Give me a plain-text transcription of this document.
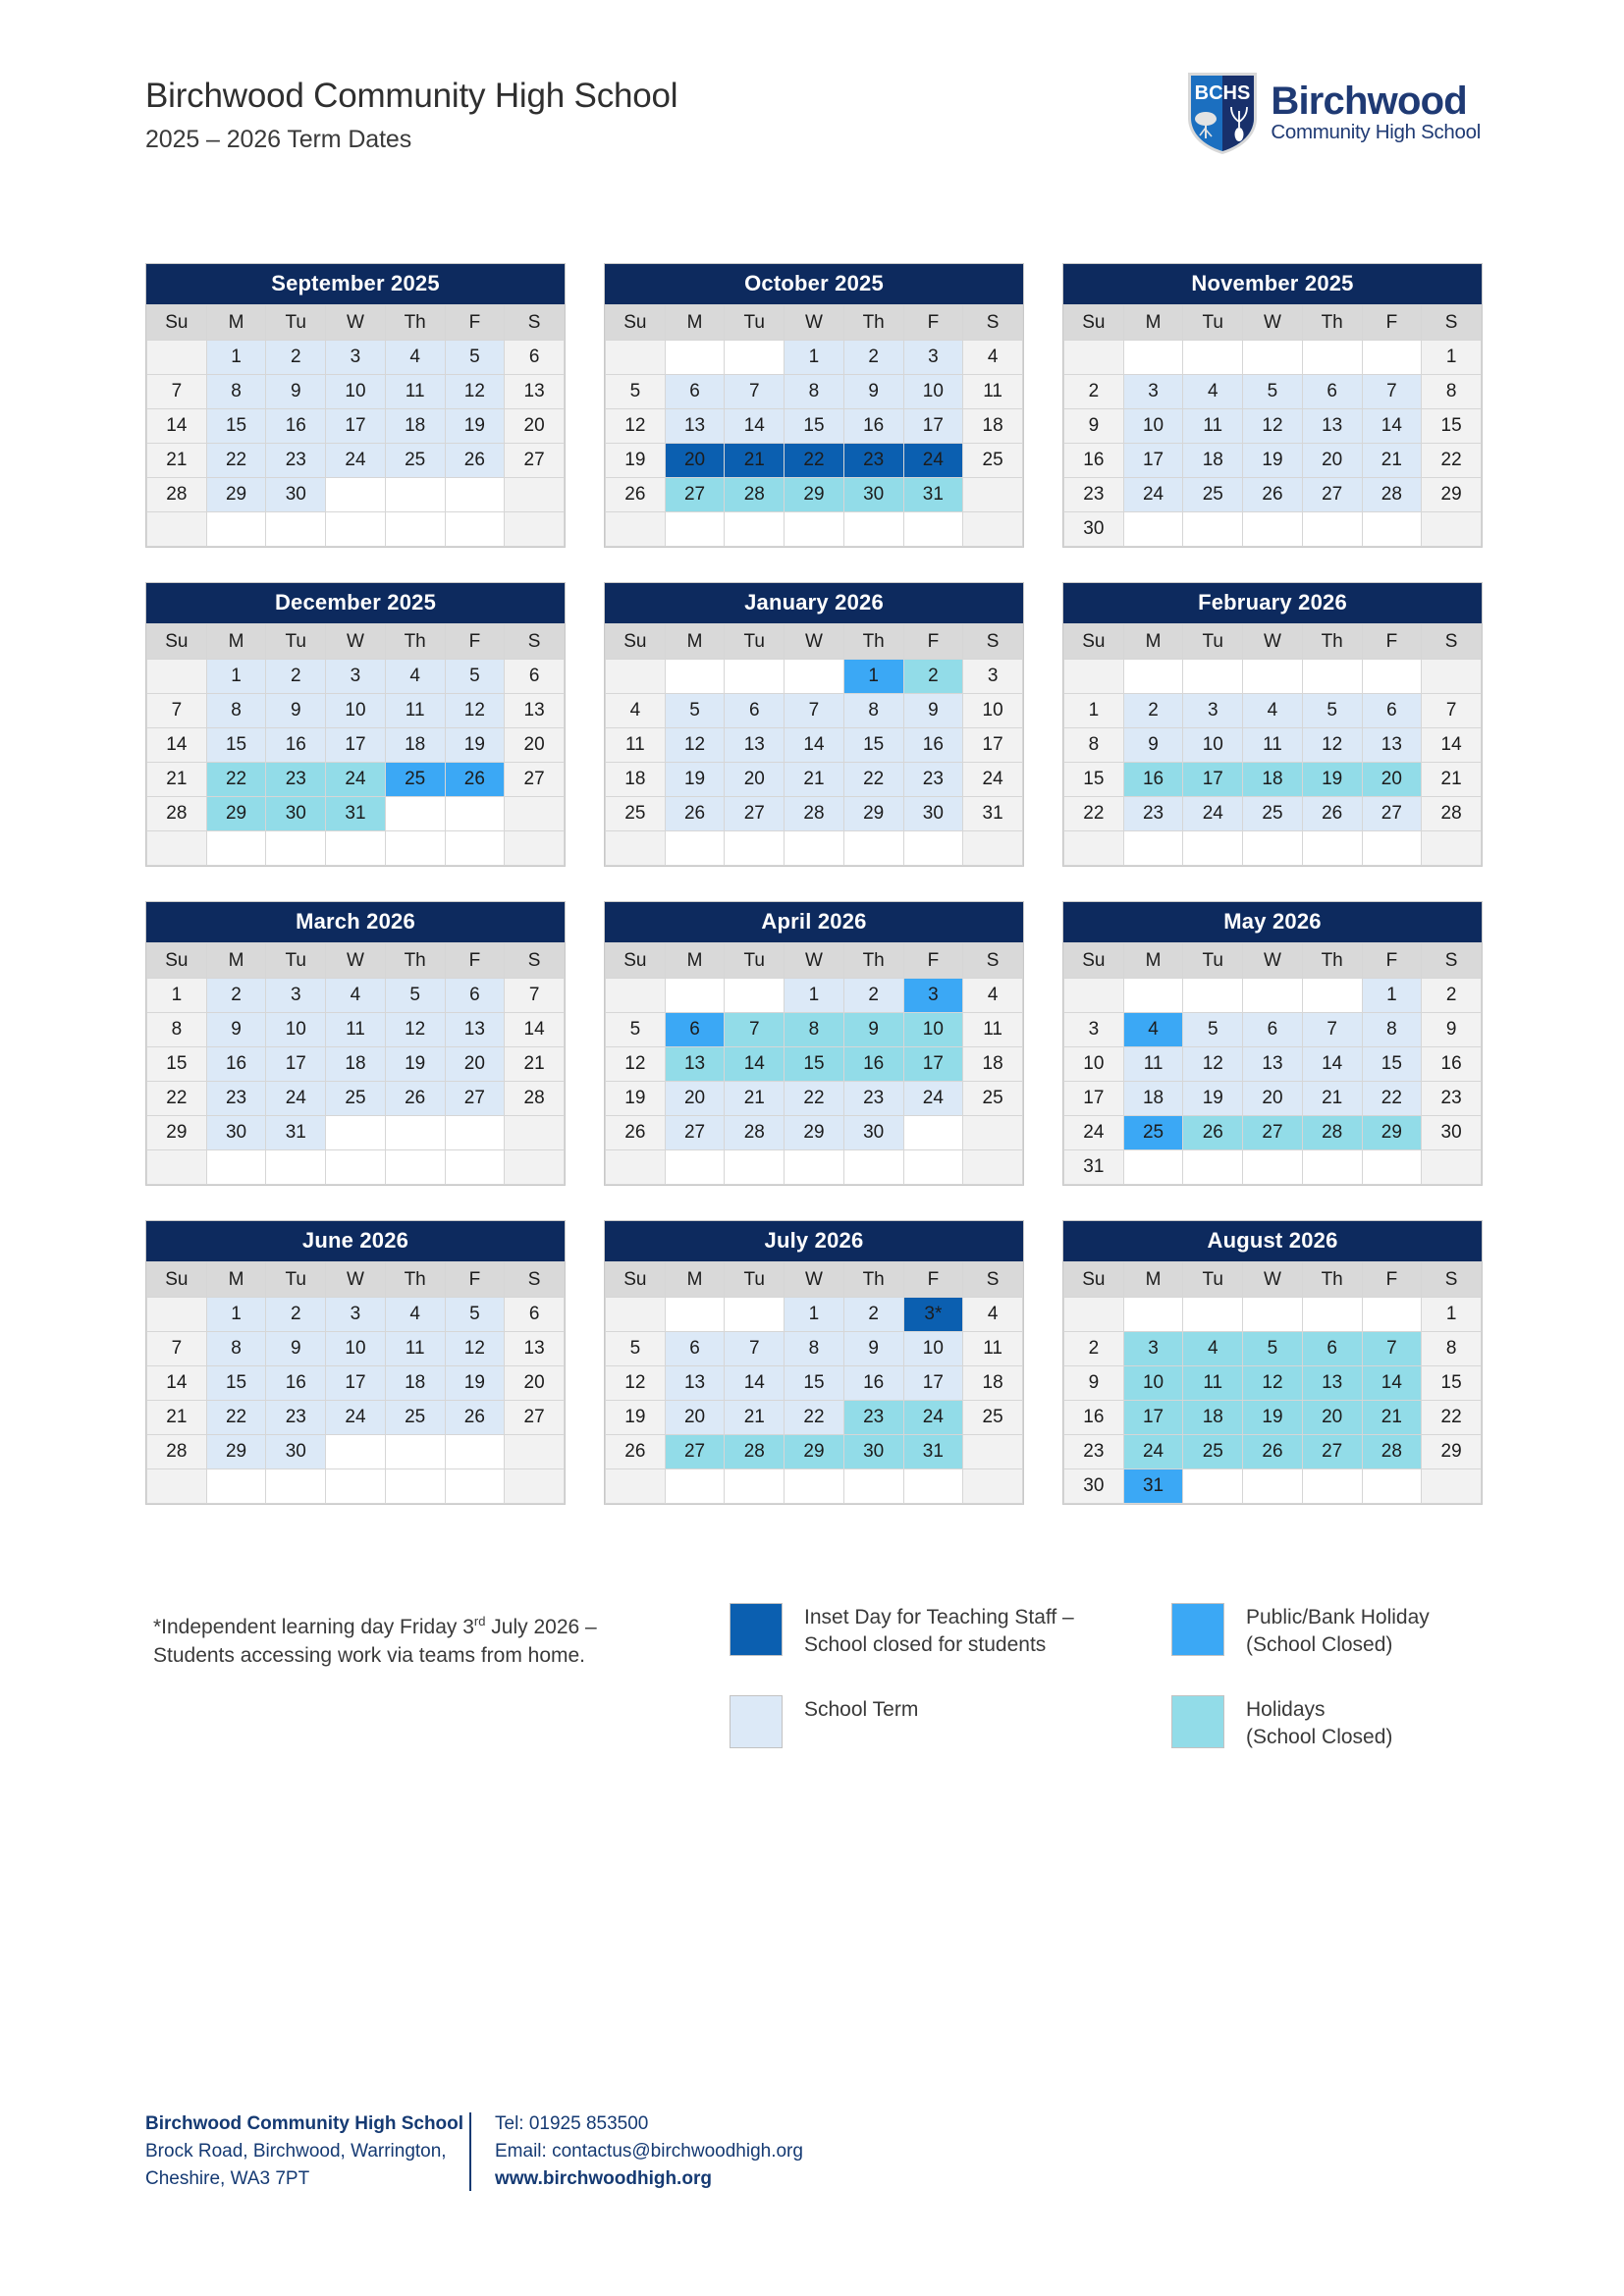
Birchwood Community High School
2025 – 2026 Term Dates
BCHS Birchwood
Community High School
September 2025
Su	M	Tu	W	Th	F	S
	1	2	3	4	5	6
7	8	9	10	11	12	13
14	15	16	17	18	19	20
21	22	23	24	25	26	27
28	29	30				

October 2025
Su	M	Tu	W	Th	F	S
			1	2	3	4
5	6	7	8	9	10	11
12	13	14	15	16	17	18
19	20	21	22	23	24	25
26	27	28	29	30	31	

November 2025
Su	M	Tu	W	Th	F	S
						1
2	3	4	5	6	7	8
9	10	11	12	13	14	15
16	17	18	19	20	21	22
23	24	25	26	27	28	29
30						
December 2025
Su	M	Tu	W	Th	F	S
	1	2	3	4	5	6
7	8	9	10	11	12	13
14	15	16	17	18	19	20
21	22	23	24	25	26	27
28	29	30	31			

January 2026
Su	M	Tu	W	Th	F	S
				1	2	3
4	5	6	7	8	9	10
11	12	13	14	15	16	17
18	19	20	21	22	23	24
25	26	27	28	29	30	31

February 2026
Su	M	Tu	W	Th	F	S

1	2	3	4	5	6	7
8	9	10	11	12	13	14
15	16	17	18	19	20	21
22	23	24	25	26	27	28

March 2026
Su	M	Tu	W	Th	F	S
1	2	3	4	5	6	7
8	9	10	11	12	13	14
15	16	17	18	19	20	21
22	23	24	25	26	27	28
29	30	31				

April 2026
Su	M	Tu	W	Th	F	S
			1	2	3	4
5	6	7	8	9	10	11
12	13	14	15	16	17	18
19	20	21	22	23	24	25
26	27	28	29	30		

May 2026
Su	M	Tu	W	Th	F	S
					1	2
3	4	5	6	7	8	9
10	11	12	13	14	15	16
17	18	19	20	21	22	23
24	25	26	27	28	29	30
31						
June 2026
Su	M	Tu	W	Th	F	S
	1	2	3	4	5	6
7	8	9	10	11	12	13
14	15	16	17	18	19	20
21	22	23	24	25	26	27
28	29	30				

July 2026
Su	M	Tu	W	Th	F	S
			1	2	3*	4
5	6	7	8	9	10	11
12	13	14	15	16	17	18
19	20	21	22	23	24	25
26	27	28	29	30	31	

August 2026
Su	M	Tu	W	Th	F	S
						1
2	3	4	5	6	7	8
9	10	11	12	13	14	15
16	17	18	19	20	21	22
23	24	25	26	27	28	29
30	31					
*Independent learning day Friday 3rd July 2026 –
Students accessing work via teams from home.
Inset Day for Teaching Staff –
School closed for students
School Term
Public/Bank Holiday
(School Closed)
Holidays
(School Closed)
Birchwood Community High School
Brock Road, Birchwood, Warrington,
Cheshire, WA3 7PT
Tel: 01925 853500
Email: contactus@birchwoodhigh.org
www.birchwoodhigh.org
